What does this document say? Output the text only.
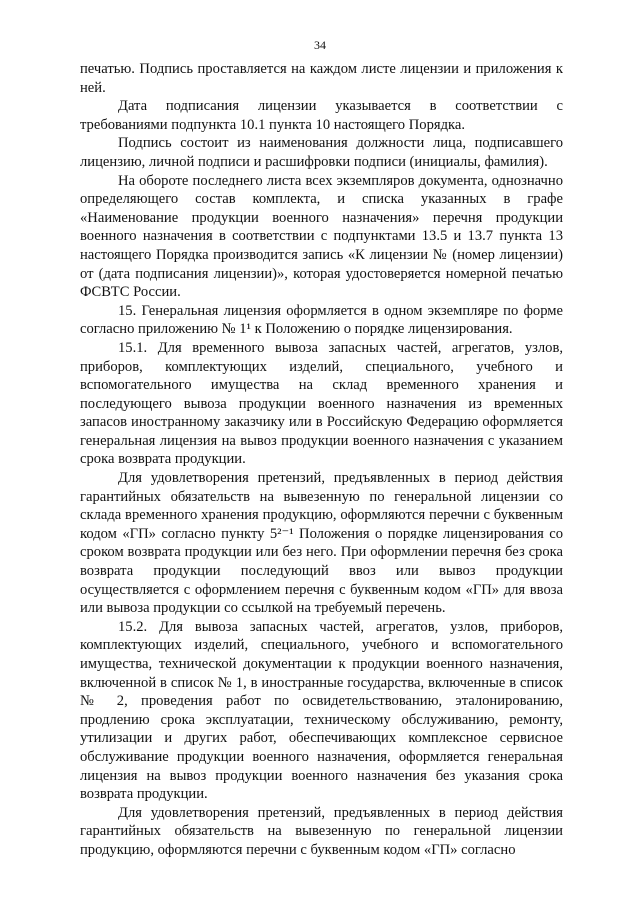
34

печатью. Подпись проставляется на каждом листе лицензии и приложения к ней.

Дата подписания лицензии указывается в соответствии с требованиями подпункта 10.1 пункта 10 настоящего Порядка.

Подпись состоит из наименования должности лица, подписавшего лицензию, личной подписи и расшифровки подписи (инициалы, фамилия).

На обороте последнего листа всех экземпляров документа, однозначно определяющего состав комплекта, и списка указанных в графе «Наименование продукции военного назначения» перечня продукции военного назначения в соответствии с подпунктами 13.5 и 13.7 пункта 13 настоящего Порядка производится запись «К лицензии № (номер лицензии) от (дата подписания лицензии)», которая удостоверяется номерной печатью ФСВТС России.

15. Генеральная лицензия оформляется в одном экземпляре по форме согласно приложению № 1¹ к Положению о порядке лицензирования.

15.1. Для временного вывоза запасных частей, агрегатов, узлов, приборов, комплектующих изделий, специального, учебного и вспомогательного имущества на склад временного хранения и последующего вывоза продукции военного назначения из временных запасов иностранному заказчику или в Российскую Федерацию оформляется генеральная лицензия на вывоз продукции военного назначения с указанием срока возврата продукции.

Для удовлетворения претензий, предъявленных в период действия гарантийных обязательств на вывезенную по генеральной лицензии со склада временного хранения продукцию, оформляются перечни с буквенным кодом «ГП» согласно пункту 5²⁻¹ Положения о порядке лицензирования со сроком возврата продукции или без него. При оформлении перечня без срока возврата продукции последующий ввоз или вывоз продукции осуществляется с оформлением перечня с буквенным кодом «ГП» для ввоза или вывоза продукции со ссылкой на требуемый перечень.

15.2. Для вывоза запасных частей, агрегатов, узлов, приборов, комплектующих изделий, специального, учебного и вспомогательного имущества, технической документации к продукции военного назначения, включенной в список № 1, в иностранные государства, включенные в список № 2, проведения работ по освидетельствованию, эталонированию, продлению срока эксплуатации, техническому обслуживанию, ремонту, утилизации и других работ, обеспечивающих комплексное сервисное обслуживание продукции военного назначения, оформляется генеральная лицензия на вывоз продукции военного назначения без указания срока возврата продукции.

Для удовлетворения претензий, предъявленных в период действия гарантийных обязательств на вывезенную по генеральной лицензии продукцию, оформляются перечни с буквенным кодом «ГП» согласно
